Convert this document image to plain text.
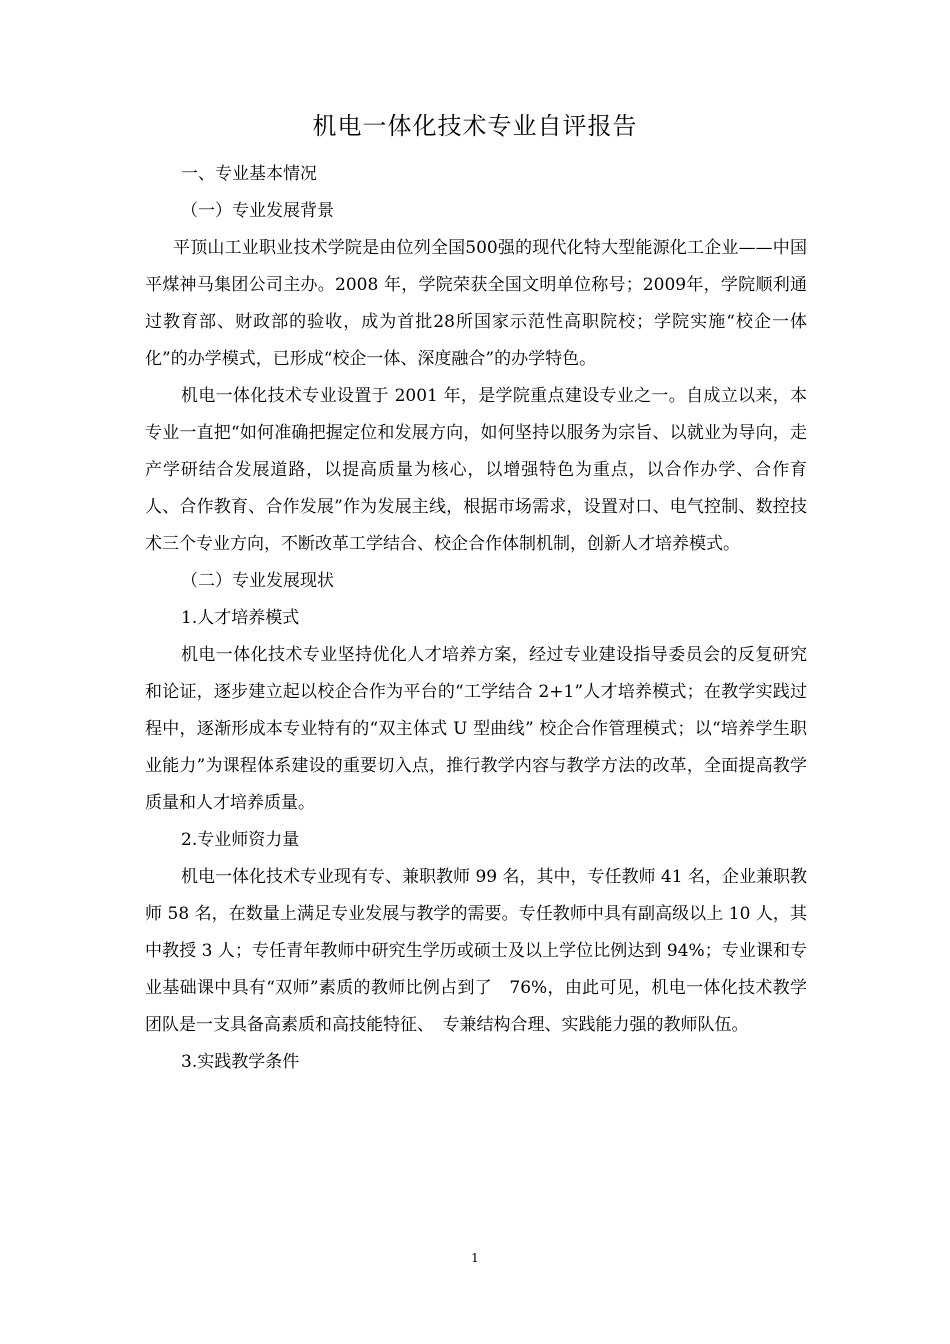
机电一体化技术专业自评报告

一、专业基本情况

（一）专业发展背景

平顶山工业职业技术学院是由位列全国500强的现代化特大型能源化工企业——中国平煤神马集团公司主办。2008 年，学院荣获全国文明单位称号；2009年，学院顺利通过教育部、财政部的验收，成为首批28所国家示范性高职院校；学院实施“校企一体化”的办学模式，已形成“校企一体、深度融合”的办学特色。

机电一体化技术专业设置于 2001 年，是学院重点建设专业之一。自成立以来，本专业一直把“如何准确把握定位和发展方向，如何坚持以服务为宗旨、以就业为导向，走产学研结合发展道路，以提高质量为核心，以增强特色为重点，以合作办学、合作育人、合作教育、合作发展”作为发展主线，根据市场需求，设置对口、电气控制、数控技术三个专业方向，不断改革工学结合、校企合作体制机制，创新人才培养模式。

（二）专业发展现状

1.人才培养模式

机电一体化技术专业坚持优化人才培养方案，经过专业建设指导委员会的反复研究和论证，逐步建立起以校企合作为平台的“工学结合 2+1”人才培养模式；在教学实践过程中，逐渐形成本专业特有的“双主体式 U 型曲线” 校企合作管理模式；以“培养学生职业能力”为课程体系建设的重要切入点，推行教学内容与教学方法的改革，全面提高教学质量和人才培养质量。

2.专业师资力量

机电一体化技术专业现有专、兼职教师 99 名，其中，专任教师 41 名，企业兼职教师 58 名，在数量上满足专业发展与教学的需要。专任教师中具有副高级以上 10 人，其中教授 3 人；专任青年教师中研究生学历或硕士及以上学位比例达到 94%；专业课和专业基础课中具有“双师”素质的教师比例占到了　76%，由此可见，机电一体化技术教学团队是一支具备高素质和高技能特征、　专兼结构合理、实践能力强的教师队伍。

3.实践教学条件

1
